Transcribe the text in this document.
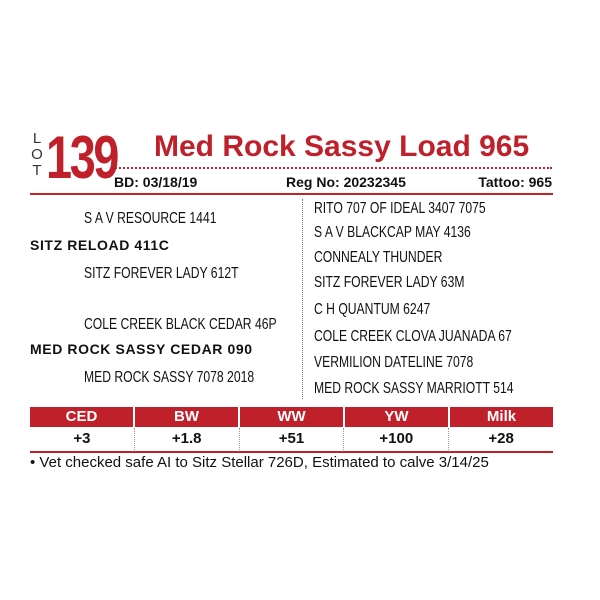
L
O
T 139 Med Rock Sassy Load 965
BD: 03/18/19	Reg No: 20232345	Tattoo: 965
S A V RESOURCE 1441
SITZ RELOAD 411C
SITZ FOREVER LADY 612T
COLE CREEK BLACK CEDAR 46P
MED ROCK SASSY CEDAR 090
MED ROCK SASSY 7078 2018
RITO 707 OF IDEAL 3407 7075
S A V BLACKCAP MAY 4136
CONNEALY THUNDER
SITZ FOREVER LADY 63M
C H QUANTUM 6247
COLE CREEK CLOVA JUANADA 67
VERMILION DATELINE 7078
MED ROCK SASSY MARRIOTT 514
CED	BW	WW	YW	Milk
+3	+1.8	+51	+100	+28
• Vet checked safe AI to Sitz Stellar 726D, Estimated to calve 3/14/25
